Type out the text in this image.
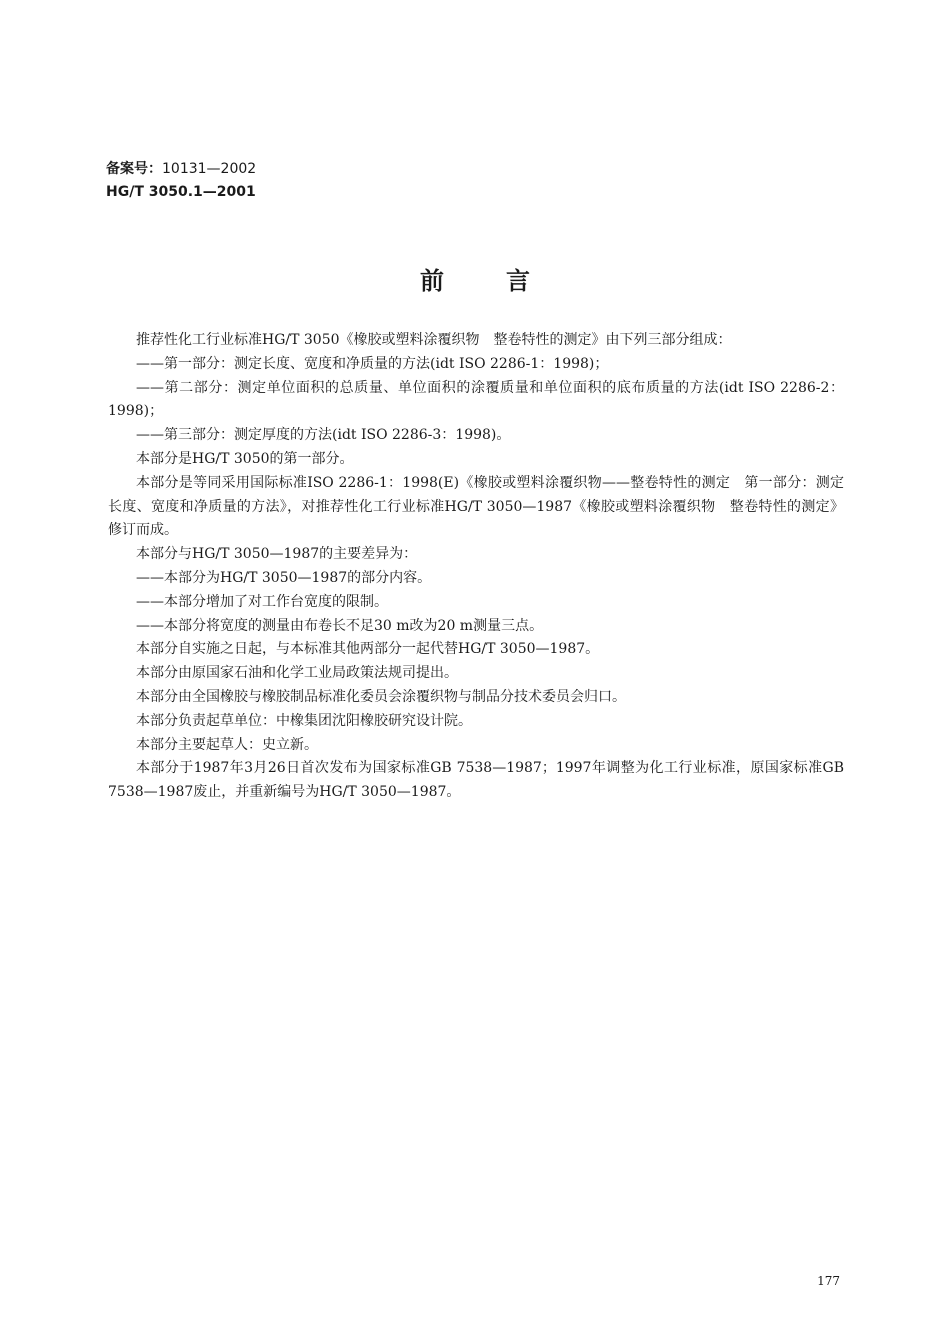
备案号：10131—2002
HG/T 3050.1—2001
前言

推荐性化工行业标准HG/T 3050《橡胶或塑料涂覆织物　整卷特性的测定》由下列三部分组成：

——第一部分：测定长度、宽度和净质量的方法(idt ISO 2286-1：1998)；

——第二部分：测定单位面积的总质量、单位面积的涂覆质量和单位面积的底布质量的方法(idt ISO 2286-2：1998)；

——第三部分：测定厚度的方法(idt ISO 2286-3：1998)。

本部分是HG/T 3050的第一部分。

本部分是等同采用国际标准ISO 2286-1：1998(E)《橡胶或塑料涂覆织物——整卷特性的测定　第一部分：测定长度、宽度和净质量的方法》，对推荐性化工行业标准HG/T 3050—1987《橡胶或塑料涂覆织物　整卷特性的测定》修订而成。

本部分与HG/T 3050—1987的主要差异为：

——本部分为HG/T 3050—1987的部分内容。

——本部分增加了对工作台宽度的限制。

——本部分将宽度的测量由布卷长不足30 m改为20 m测量三点。

本部分自实施之日起，与本标准其他两部分一起代替HG/T 3050—1987。

本部分由原国家石油和化学工业局政策法规司提出。

本部分由全国橡胶与橡胶制品标准化委员会涂覆织物与制品分技术委员会归口。

本部分负责起草单位：中橡集团沈阳橡胶研究设计院。

本部分主要起草人：史立新。

本部分于1987年3月26日首次发布为国家标准GB 7538—1987；1997年调整为化工行业标准，原国家标准GB 7538—1987废止，并重新编号为HG/T 3050—1987。

177
